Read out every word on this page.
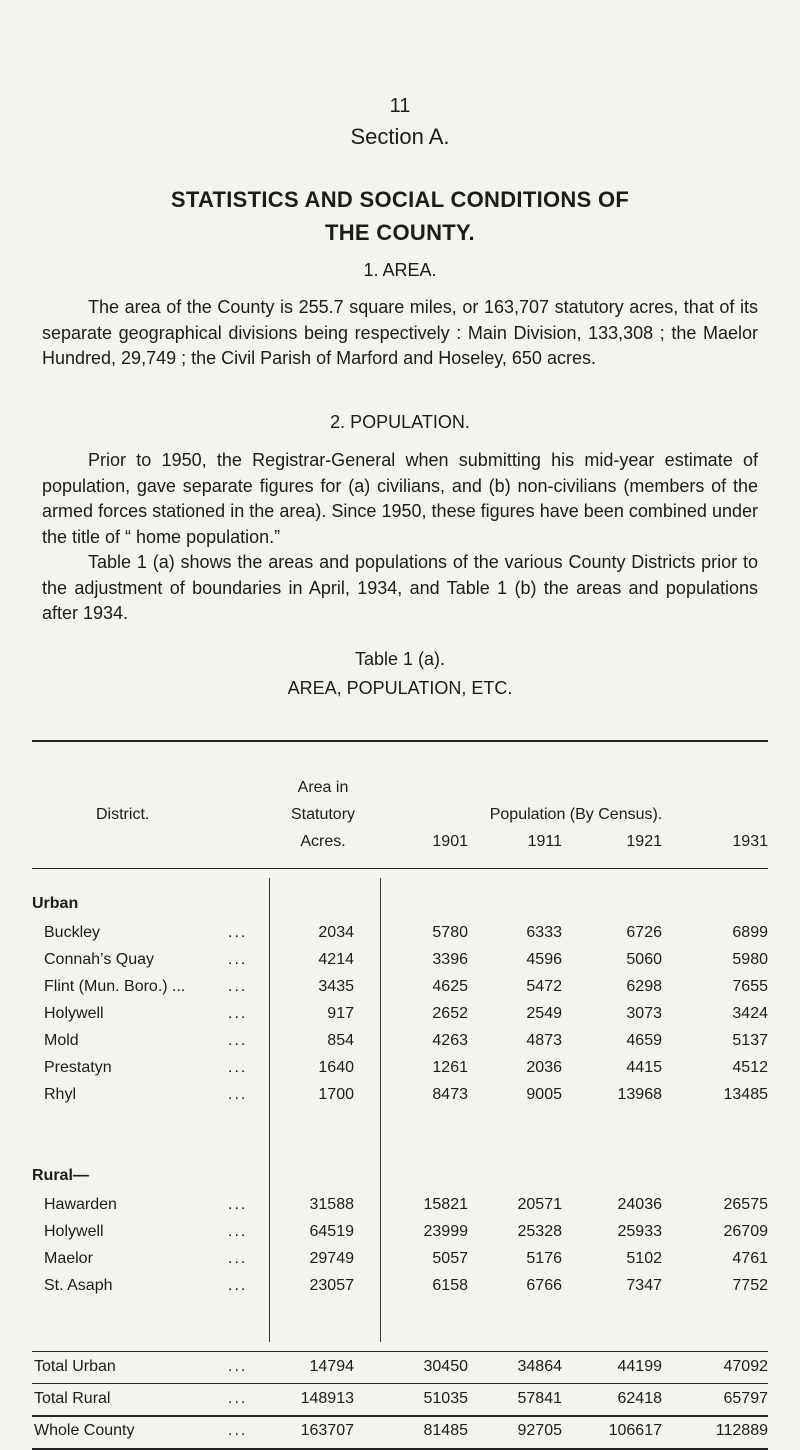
11
Section A.
STATISTICS AND SOCIAL CONDITIONS OF
THE COUNTY.
1. AREA.

The area of the County is 255.7 square miles, or 163,707 statutory acres, that of its separate geographical divisions being respectively : Main Division, 133,308 ; the Maelor Hundred, 29,749 ; the Civil Parish of Marford and Hoseley, 650 acres.

2. POPULATION.

Prior to 1950, the Registrar-General when submitting his mid-year estimate of population, gave separate figures for (a) civilians, and (b) non-civilians (members of the armed forces stationed in the area). Since 1950, these figures have been combined under the title of “ home population.”

Table 1 (a) shows the areas and populations of the various County Districts prior to the adjustment of boundaries in April, 1934, and Table 1 (b) the areas and populations after 1934.

Table 1 (a).
AREA, POPULATION, ETC.
District.
Area in
Statutory
Acres.
Population (By Census).
1901	1911	1921	1931
Urban
Buckley	...	2034	5780	6333	6726	6899
Connah’s Quay	...	4214	3396	4596	5060	5980
Flint (Mun. Boro.) ...	...	3435	4625	5472	6298	7655
Holywell	...	917	2652	2549	3073	3424
Mold	...	854	4263	4873	4659	5137
Prestatyn	...	1640	1261	2036	4415	4512
Rhyl	...	1700	8473	9005	13968	13485
Rural—
Hawarden	...	31588	15821	20571	24036	26575
Holywell	...	64519	23999	25328	25933	26709
Maelor	...	29749	5057	5176	5102	4761
St. Asaph	...	23057	6158	6766	7347	7752
Total Urban	...	14794	30450	34864	44199	47092
Total Rural	...	148913	51035	57841	62418	65797
Whole County	...	163707	81485	92705	106617	112889
